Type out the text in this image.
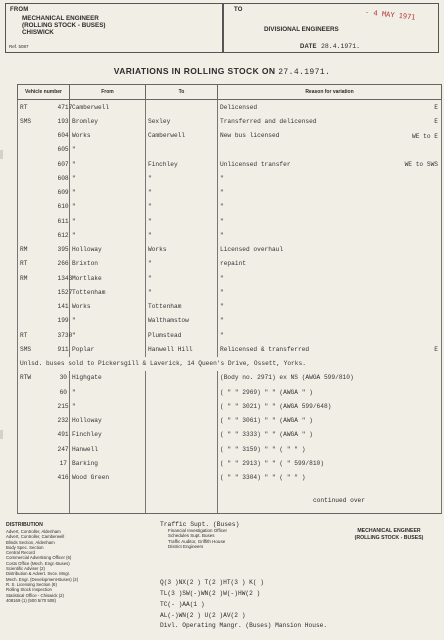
FROM
MECHANICAL ENGINEER
(ROLLING STOCK - BUSES)
CHISWICK
Ref. 5087
TO
DIVISIONAL ENGINEERS
DATE 28.4.1971.
- 4 MAY 1971
VARIATIONS IN ROLLING STOCK ON 27.4.1971.
Vehicle number		From	To	Reason for variation
RT	4717	Camberwell		Delicensed E

SMS	193	Bromley	Sexley	Transferred and delicensed E

	604	Works	Camberwell	New bus licensed WE to E

	605	"		

	607	"	Finchley	Unlicensed transfer WE to SWS

	608	"	"	"

	609	"	"	"

	610	"	"	"

	611	"	"	"

	612	"	"	"

RM	395	Holloway	Works	Licensed overhaul

RT	266	Brixton	"	repaint

RM	1343	Mortlake	"	"

	1527	Tottenham	"	"

	141	Works	Tottenham	"

	199	"	Walthamstow	"

RT	3730	"	Plumstead	"

SMS	911	Poplar	Hanwell Hill	Relicensed & transferred E

Unlsd. buses sold to Pickersgill & Laverick, 14 Queen's Drive, Ossett, Yorks.				
RTW	30	Highgate		(Body no. 2971) ex NS (AWGA 599/810)

	60	"		( " " 2969) " " (AWGA " )

	215	"		( " " 3021) " " (AWGA 599/648)

	232	Holloway		( " " 3061) " " (AWGA " )

	491	Finchley		( " " 3333) " " (AWGA " )

	247	Hanwell		( " " 3159) " " ( " " )

	17	Barking		( " " 2913) " " ( " 599/810)

	416	Wood Green		( " " 3304) " " ( " " )

continued over
DISTRIBUTION
Advert, Controller, Aldenham
Advert, Controller, Camberwell
Blinds Section, Aldenham
Body Spec. Section
Central Record
Commercial Advertising Officer (6)
Costs Office (Mech. Engr.-Buses)
Scientific Adviser (2)
Distribution & Advert. Svce. Mngr.
Mech. Engr. (Development-Buses) (2)
R. S. Licensing Section (8)
Rolling Stock Inspection
Statistical Office - Chiswick (2)
408169 (1) (500 5/70 508)
Traffic Supt. (Buses)
Financial Investigation Officer
Schedules Supt. Buses
Traffic Auditor, Griffith House
District Engineers
Q(3 )NX(2 ) T(2 )HT(3 ) K( )
TL(3 )SW(-)WN(2 )W(-)HW(2 )
TC(- )AA(1 )
AL(-)WN(2 ) U(2 )AV(2 )
Divl. Operating Mangr. (Buses) Mansion House.
MECHANICAL ENGINEER
(ROLLING STOCK - BUSES)
